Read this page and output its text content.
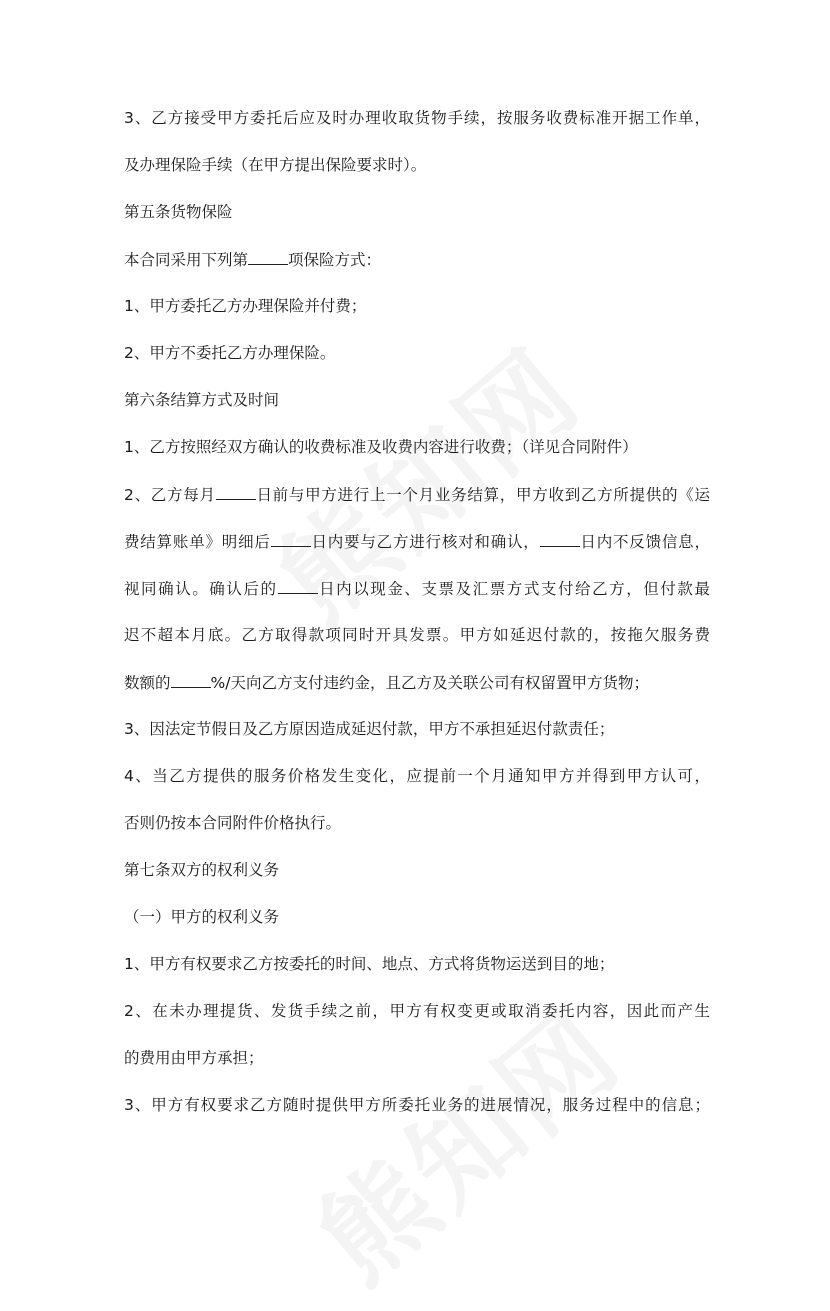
3、乙方接受甲方委托后应及时办理收取货物手续，按服务收费标准开据工作单，

及办理保险手续（在甲方提出保险要求时）。

第五条货物保险

本合同采用下列第	项保险方式：

1、甲方委托乙方办理保险并付费；

2、甲方不委托乙方办理保险。

第六条结算方式及时间

1、乙方按照经双方确认的收费标准及收费内容进行收费；（详见合同附件）

2、乙方每月	日前与甲方进行上一个月业务结算，甲方收到乙方所提供的《运

费结算账单》明细后	日内要与乙方进行核对和确认，	日内不反馈信息，

视同确认。确认后的	日内以现金、支票及汇票方式支付给乙方，但付款最

迟不超本月底。乙方取得款项同时开具发票。甲方如延迟付款的，按拖欠服务费

数额的	%/天向乙方支付违约金，且乙方及关联公司有权留置甲方货物；

3、因法定节假日及乙方原因造成延迟付款，甲方不承担延迟付款责任；

4、当乙方提供的服务价格发生变化，应提前一个月通知甲方并得到甲方认可，

否则仍按本合同附件价格执行。

第七条双方的权利义务

（一）甲方的权利义务

1、甲方有权要求乙方按委托的时间、地点、方式将货物运送到目的地；

2、在未办理提货、发货手续之前，甲方有权变更或取消委托内容，因此而产生

的费用由甲方承担；

3、甲方有权要求乙方随时提供甲方所委托业务的进展情况，服务过程中的信息；
